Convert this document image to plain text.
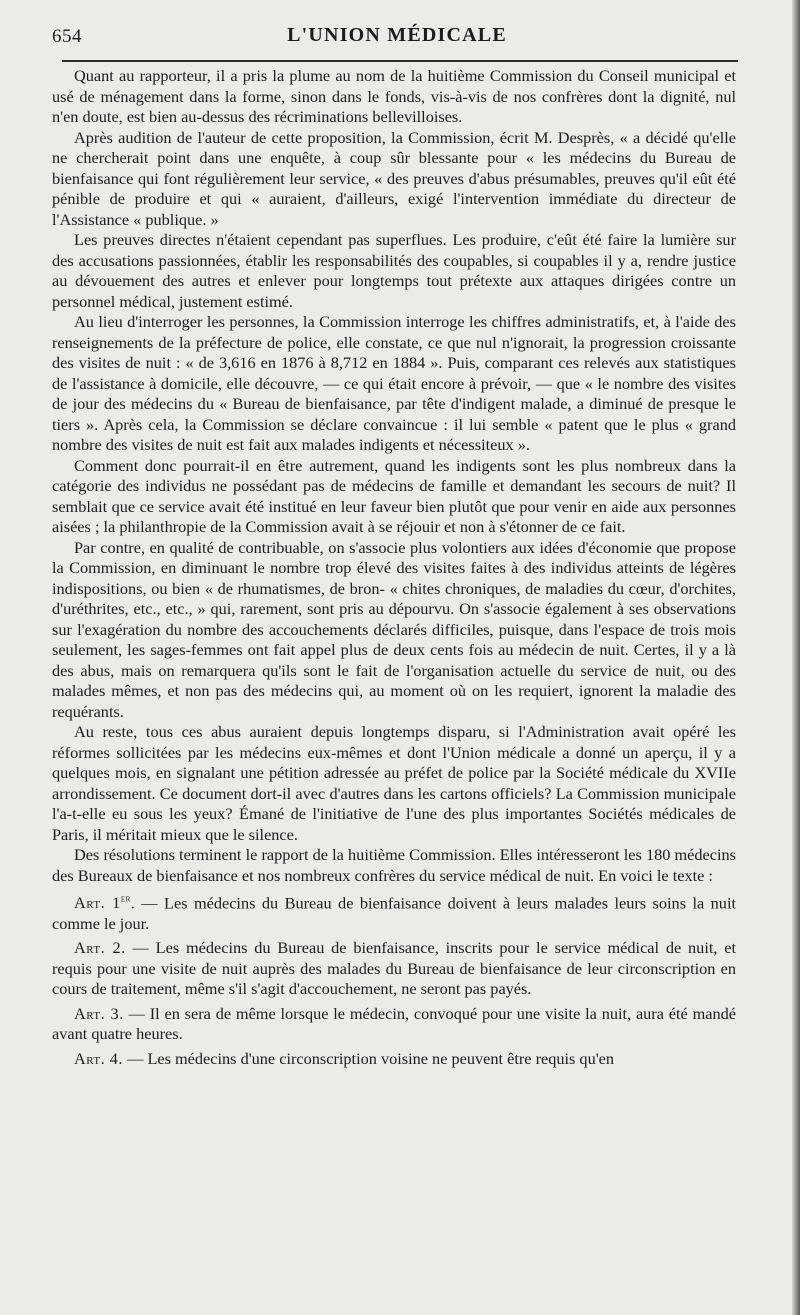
654	L'UNION MÉDICALE

Quant au rapporteur, il a pris la plume au nom de la huitième Commission du Conseil municipal et usé de ménagement dans la forme, sinon dans le fonds, vis-à-vis de nos confrères dont la dignité, nul n'en doute, est bien au-dessus des récriminations bellevilloises.

Après audition de l'auteur de cette proposition, la Commission, écrit M. Desprès, « a décidé qu'elle ne chercherait point dans une enquête, à coup sûr blessante pour « les médecins du Bureau de bienfaisance qui font régulièrement leur service, « des preuves d'abus présumables, preuves qu'il eût été pénible de produire et qui « auraient, d'ailleurs, exigé l'intervention immédiate du directeur de l'Assistance « publique. »

Les preuves directes n'étaient cependant pas superflues. Les produire, c'eût été faire la lumière sur des accusations passionnées, établir les responsabilités des coupables, si coupables il y a, rendre justice au dévouement des autres et enlever pour longtemps tout prétexte aux attaques dirigées contre un personnel médical, justement estimé.

Au lieu d'interroger les personnes, la Commission interroge les chiffres administratifs, et, à l'aide des renseignements de la préfecture de police, elle constate, ce que nul n'ignorait, la progression croissante des visites de nuit : « de 3,616 en 1876 à 8,712 en 1884 ». Puis, comparant ces relevés aux statistiques de l'assistance à domicile, elle découvre, — ce qui était encore à prévoir, — que « le nombre des visites de jour des médecins du « Bureau de bienfaisance, par tête d'indigent malade, a diminué de presque le tiers ». Après cela, la Commission se déclare convaincue : il lui semble « patent que le plus « grand nombre des visites de nuit est fait aux malades indigents et nécessiteux ».

Comment donc pourrait-il en être autrement, quand les indigents sont les plus nombreux dans la catégorie des individus ne possédant pas de médecins de famille et demandant les secours de nuit? Il semblait que ce service avait été institué en leur faveur bien plutôt que pour venir en aide aux personnes aisées ; la philanthropie de la Commission avait à se réjouir et non à s'étonner de ce fait.

Par contre, en qualité de contribuable, on s'associe plus volontiers aux idées d'économie que propose la Commission, en diminuant le nombre trop élevé des visites faites à des individus atteints de légères indispositions, ou bien « de rhumatismes, de bron- « chites chroniques, de maladies du cœur, d'orchites, d'uréthrites, etc., etc., » qui, rarement, sont pris au dépourvu. On s'associe également à ses observations sur l'exagération du nombre des accouchements déclarés difficiles, puisque, dans l'espace de trois mois seulement, les sages-femmes ont fait appel plus de deux cents fois au médecin de nuit. Certes, il y a là des abus, mais on remarquera qu'ils sont le fait de l'organisation actuelle du service de nuit, ou des malades mêmes, et non pas des médecins qui, au moment où on les requiert, ignorent la maladie des requérants.

Au reste, tous ces abus auraient depuis longtemps disparu, si l'Administration avait opéré les réformes sollicitées par les médecins eux-mêmes et dont l'Union médicale a donné un aperçu, il y a quelques mois, en signalant une pétition adressée au préfet de police par la Société médicale du XVIIe arrondissement. Ce document dort-il avec d'autres dans les cartons officiels? La Commission municipale l'a-t-elle eu sous les yeux? Émané de l'initiative de l'une des plus importantes Sociétés médicales de Paris, il méritait mieux que le silence.

Des résolutions terminent le rapport de la huitième Commission. Elles intéresseront les 180 médecins des Bureaux de bienfaisance et nos nombreux confrères du service médical de nuit. En voici le texte :

Art. 1er. — Les médecins du Bureau de bienfaisance doivent à leurs malades leurs soins la nuit comme le jour.

Art. 2. — Les médecins du Bureau de bienfaisance, inscrits pour le service médical de nuit, et requis pour une visite de nuit auprès des malades du Bureau de bienfaisance de leur circonscription en cours de traitement, même s'il s'agit d'accouchement, ne seront pas payés.

Art. 3. — Il en sera de même lorsque le médecin, convoqué pour une visite la nuit, aura été mandé avant quatre heures.

Art. 4. — Les médecins d'une circonscription voisine ne peuvent être requis qu'en
